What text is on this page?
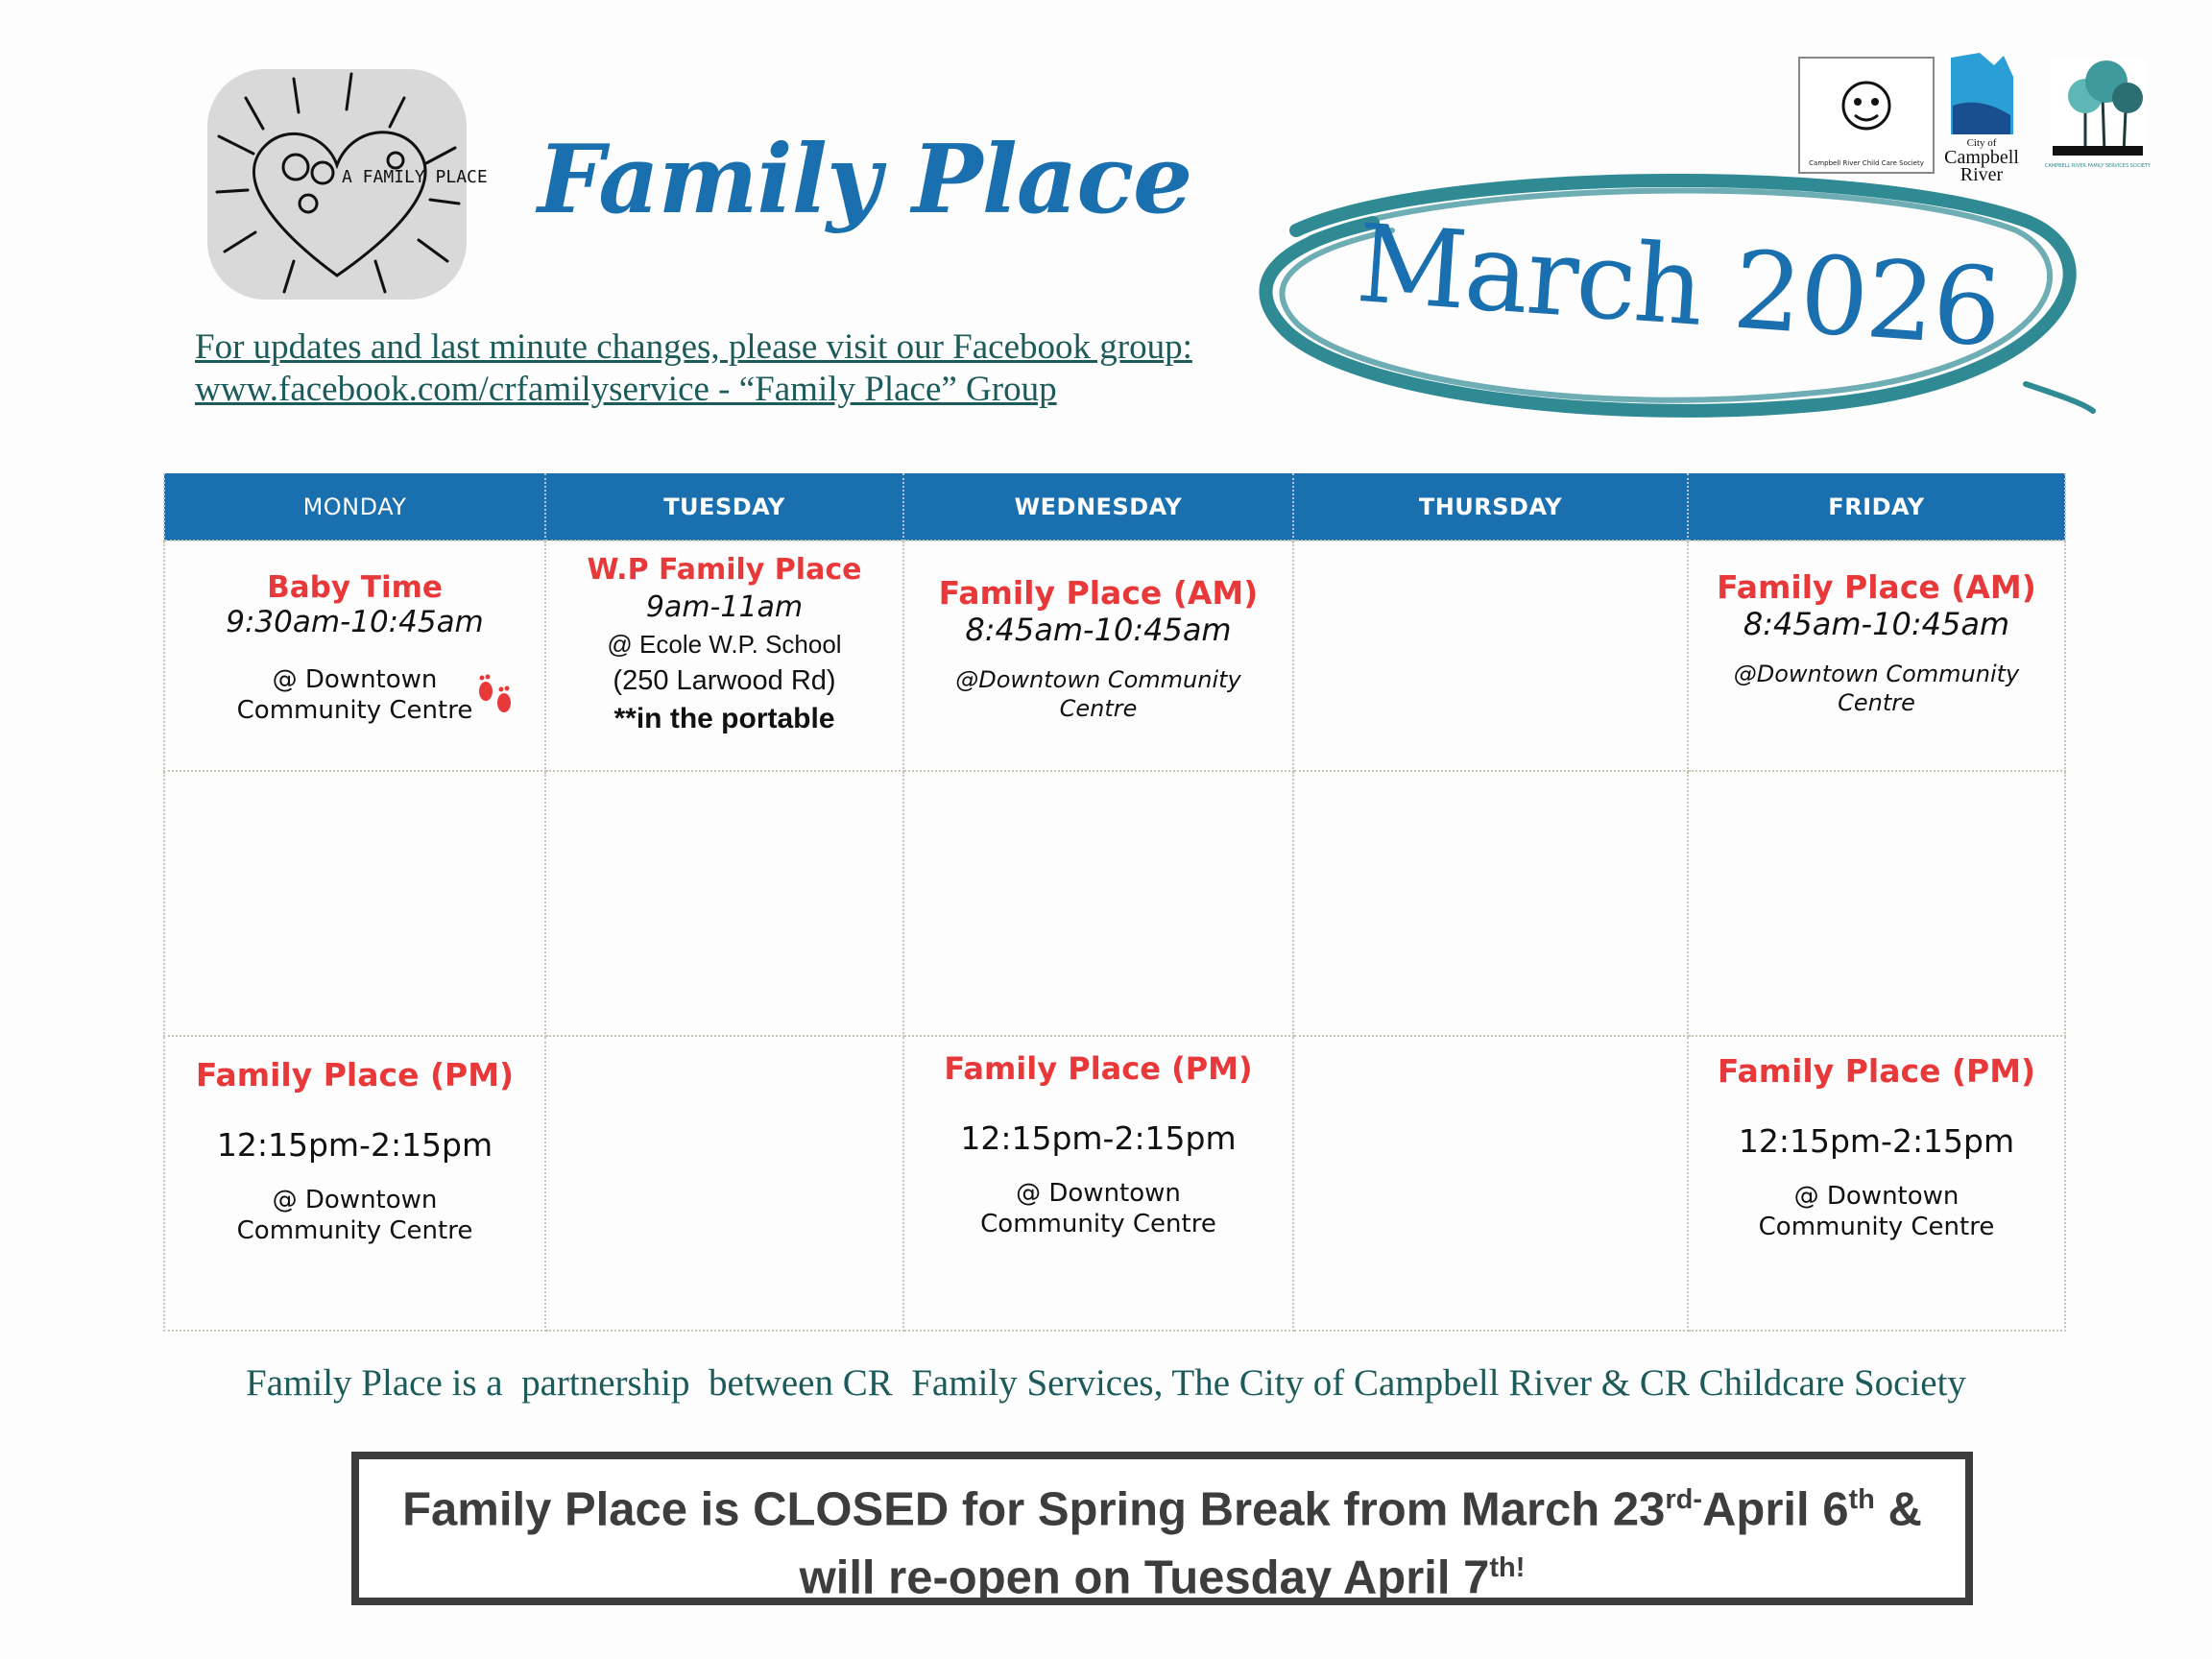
A FAMILY PLACE Family Place
For updates and last minute changes, please visit our Facebook group:
www.facebook.com/crfamilyservice - “Family Place” Group
March 2026
Campbell River Child Care Society
City of
Campbell
River	CAMPBELL RIVER FAMILY SERVICES SOCIETY
MONDAY	TUESDAY	WEDNESDAY	THURSDAY	FRIDAY

Baby Time
9:30am-10:45am
@ Downtown
Community Centre	W.P Family Place
9am-11am
@ Ecole W.P. School
(250 Larwood Rd)
**in the portable	Family Place (AM)
8:45am-10:45am
@Downtown Community
Centre		Family Place (AM)
8:45am-10:45am
@Downtown Community
Centre

Family Place (PM)
12:15pm-2:15pm
@ Downtown
Community Centre		Family Place (PM)
12:15pm-2:15pm
@ Downtown
Community Centre		Family Place (PM)
12:15pm-2:15pm
@ Downtown
Community Centre
Family Place is a  partnership  between CR  Family Services, The City of Campbell River & CR Childcare Society
Family Place is CLOSED for Spring Break from March $23^{rd-}April$ 6th &
will re-open on Tuesday April $7^{th!}$
